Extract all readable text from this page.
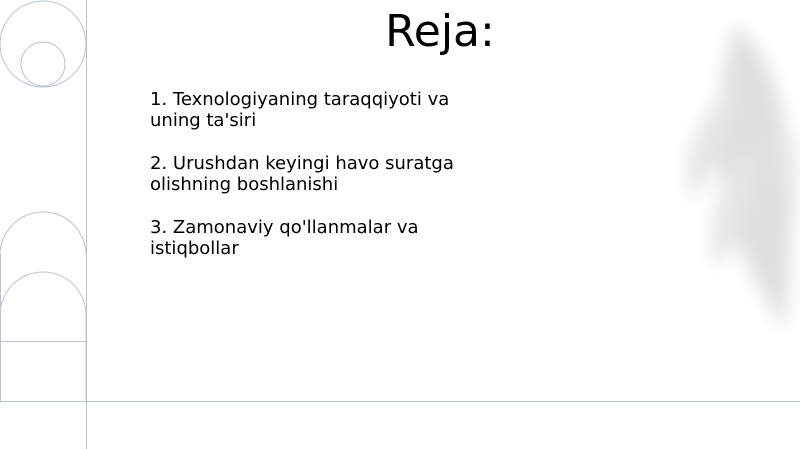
Reja:
1. Texnologiyaning taraqqiyoti va uning ta'siri
2. Urushdan keyingi havo suratga olishning boshlanishi
3. Zamonaviy qo'llanmalar va istiqbollar
